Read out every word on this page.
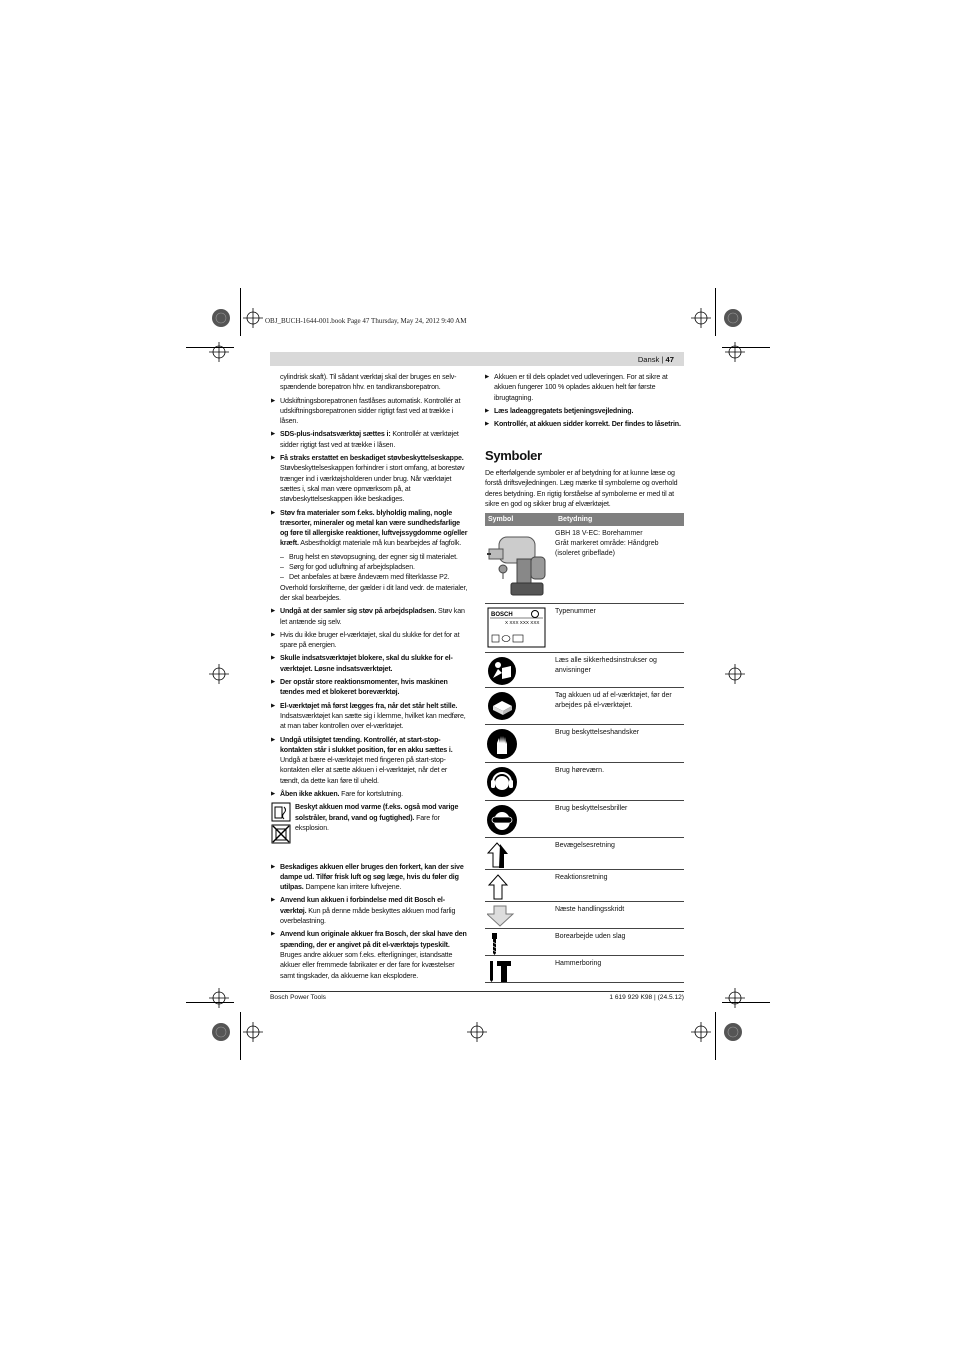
OBJ_BUCH-1644-001.book Page 47 Thursday, May 24, 2012 9:40 AM
Dansk | 47

cylindrisk skaft). Til sådant værktøj skal der bruges en selv-spændende borepatron hhv. en tandkransborepatron.

▶ Udskiftningsborepatronen fastlåses automatisk. Kontrollér at udskiftningsborepatronen sidder rigtigt fast ved at trække i låsen.
▶ SDS-plus-indsatsværktøj sættes i: Kontrollér at værktøjet sidder rigtigt fast ved at trække i låsen.
▶ Få straks erstattet en beskadiget støvbeskyttelseskappe. Støvbeskyttelseskappen forhindrer i stort omfang, at borestøv trænger ind i værktøjsholderen under brug. Når værktøjet sættes i, skal man være opmærksom på, at støvbeskyttelseskappen ikke beskadiges.
▶ Støv fra materialer som f.eks. blyholdig maling, nogle træsorter, mineraler og metal kan være sundhedsfarlige og føre til allergiske reaktioner, luftvejssygdomme og/eller kræft. Asbestholdigt materiale må kun bearbejdes af fagfolk.
– Brug helst en støvopsugning, der egner sig til materialet.
– Sørg for god udluftning af arbejdspladsen.
– Det anbefales at bære åndeværn med filterklasse P2.

Overhold forskrifterne, der gælder i dit land vedr. de materialer, der skal bearbejdes.

▶ Undgå at der samler sig støv på arbejdspladsen. Støv kan let antænde sig selv.
▶ Hvis du ikke bruger el-værktøjet, skal du slukke for det for at spare på energien.
▶ Skulle indsatsværktøjet blokere, skal du slukke for el-værktøjet. Løsne indsatsværktøjet.
▶ Der opstår store reaktionsmomenter, hvis maskinen tændes med et blokeret boreværktøj.
▶ El-værktøjet må først lægges fra, når det står helt stille. Indsatsværktøjet kan sætte sig i klemme, hvilket kan medføre, at man taber kontrollen over el-værktøjet.
▶ Undgå utilsigtet tænding. Kontrollér, at start-stop-kontakten står i slukket position, før en akku sættes i. Undgå at bære el-værktøjet med fingeren på start-stop-kontakten eller at sætte akkuen i el-værktøjet, når det er tændt, da dette kan føre til uheld.
▶ Åben ikke akkuen. Fare for kortslutning.
Beskyt akkuen mod varme (f.eks. også mod varige solstråler, brand, vand og fugtighed). Fare for eksplosion.
▶ Beskadiges akkuen eller bruges den forkert, kan der sive dampe ud. Tilfør frisk luft og søg læge, hvis du føler dig utilpas. Dampene kan irritere luftvejene.
▶ Anvend kun akkuen i forbindelse med dit Bosch el-værktøj. Kun på denne måde beskyttes akkuen mod farlig overbelastning.
▶ Anvend kun originale akkuer fra Bosch, der skal have den spænding, der er angivet på dit el-værktøjs typeskilt. Bruges andre akkuer som f.eks. efterligninger, istandsatte akkuer eller fremmede fabrikater er der fare for kvæstelser samt tingskader, da akkuerne kan eksplodere.
▶ Akkuen er til dels opladet ved udleveringen. For at sikre at akkuen fungerer 100 % oplades akkuen helt før første ibrugtagning.
▶ Læs ladeaggregatets betjeningsvejledning.
▶ Kontrollér, at akkuen sidder korrekt. Der findes to låsetrin.
Symboler
De efterfølgende symboler er af betydning for at kunne læse og forstå driftsvejledningen. Læg mærke til symbolerne og overhold deres betydning. En rigtig forståelse af symbolerne er med til at sikre en god og sikker brug af elværktøjet.
Symbol	Betydning
GBH 18 V-EC: Borehammer
Gråt markeret område: Håndgreb (isoleret gribeflade)
BOSCH
X XXX XXX XXX
Typenummer
Læs alle sikkerhedsinstrukser og anvisninger
Tag akkuen ud af el-værktøjet, før der arbejdes på el-værktøjet.
Brug beskyttelseshandsker
Brug høreværn.
Brug beskyttelsesbriller
Bevægelsesretning
Reaktionsretning
Næste handlingsskridt
Borearbejde uden slag
Hammerboring
Bosch Power Tools	1 619 929 K98 | (24.5.12)
